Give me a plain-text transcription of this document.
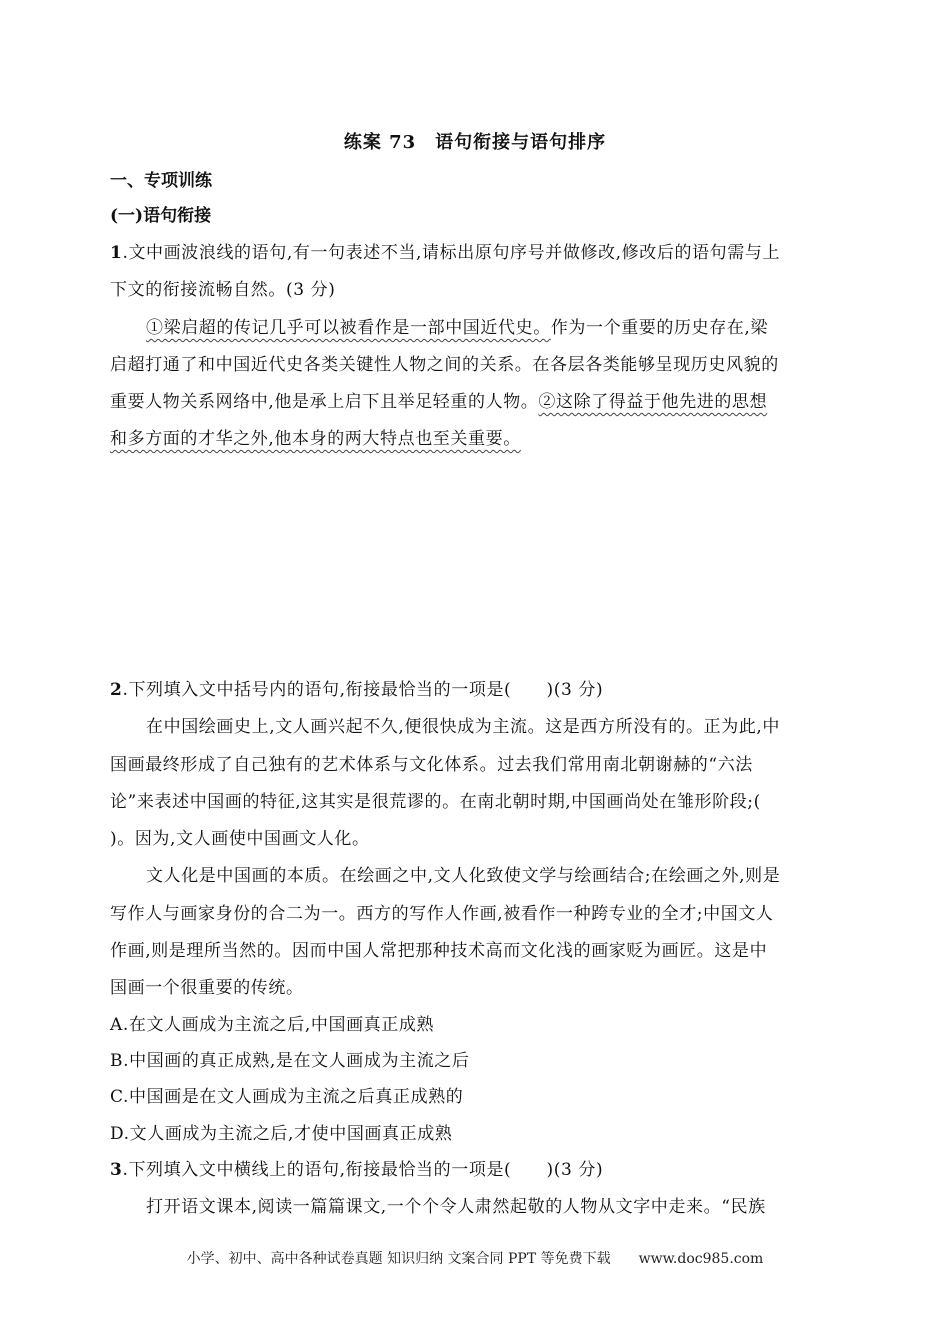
练案 73　语句衔接与语句排序
一、专项训练
(一)语句衔接
1.文中画波浪线的语句,有一句表述不当,请标出原句序号并做修改,修改后的语句需与上
下文的衔接流畅自然。(3 分)
①梁启超的传记几乎可以被看作是一部中国近代史。作为一个重要的历史存在,梁
启超打通了和中国近代史各类关键性人物之间的关系。在各层各类能够呈现历史风貌的
重要人物关系网络中,他是承上启下且举足轻重的人物。②这除了得益于他先进的思想
和多方面的才华之外,他本身的两大特点也至关重要。
2.下列填入文中括号内的语句,衔接最恰当的一项是(　　)(3 分)
在中国绘画史上,文人画兴起不久,便很快成为主流。这是西方所没有的。正为此,中
国画最终形成了自己独有的艺术体系与文化体系。过去我们常用南北朝谢赫的“六法
论”来表述中国画的特征,这其实是很荒谬的。在南北朝时期,中国画尚处在雏形阶段;(
)。因为,文人画使中国画文人化。
文人化是中国画的本质。在绘画之中,文人化致使文学与绘画结合;在绘画之外,则是
写作人与画家身份的合二为一。西方的写作人作画,被看作一种跨专业的全才;中国文人
作画,则是理所当然的。因而中国人常把那种技术高而文化浅的画家贬为画匠。这是中
国画一个很重要的传统。
A.在文人画成为主流之后,中国画真正成熟
B.中国画的真正成熟,是在文人画成为主流之后
C.中国画是在文人画成为主流之后真正成熟的
D.文人画成为主流之后,才使中国画真正成熟
3.下列填入文中横线上的语句,衔接最恰当的一项是(　　)(3 分)
打开语文课本,阅读一篇篇课文,一个个令人肃然起敬的人物从文字中走来。“民族
小学、初中、高中各种试卷真题 知识归纳 文案合同 PPT 等免费下载　　www.doc985.com
